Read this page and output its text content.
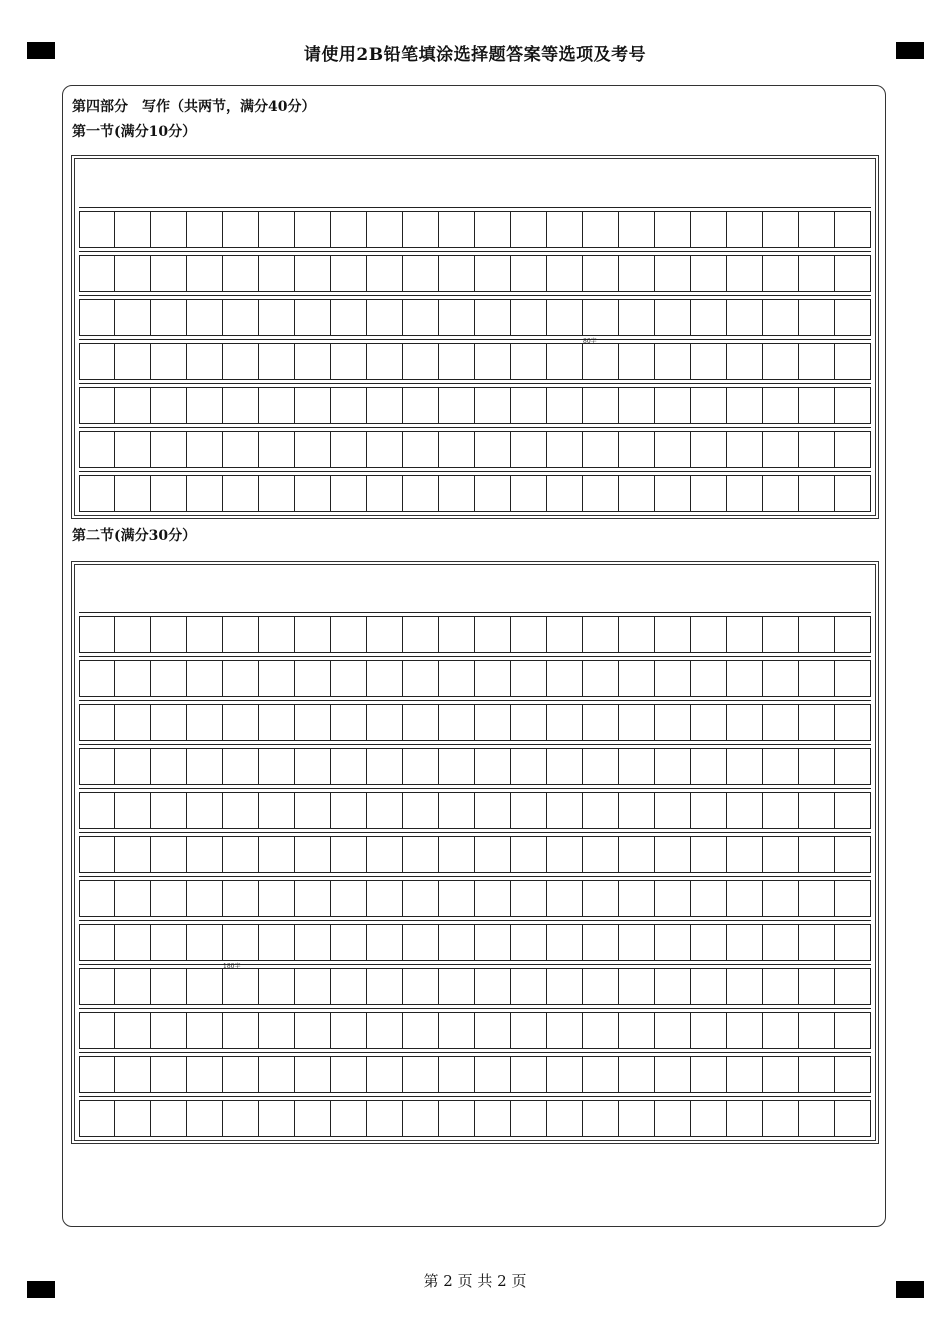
请使用2B铅笔填涂选择题答案等选项及考号
第四部分　写作（共两节，满分40分）
第一节(满分10分）
80字
第二节(满分30分）
180字
第 2 页 共 2 页
